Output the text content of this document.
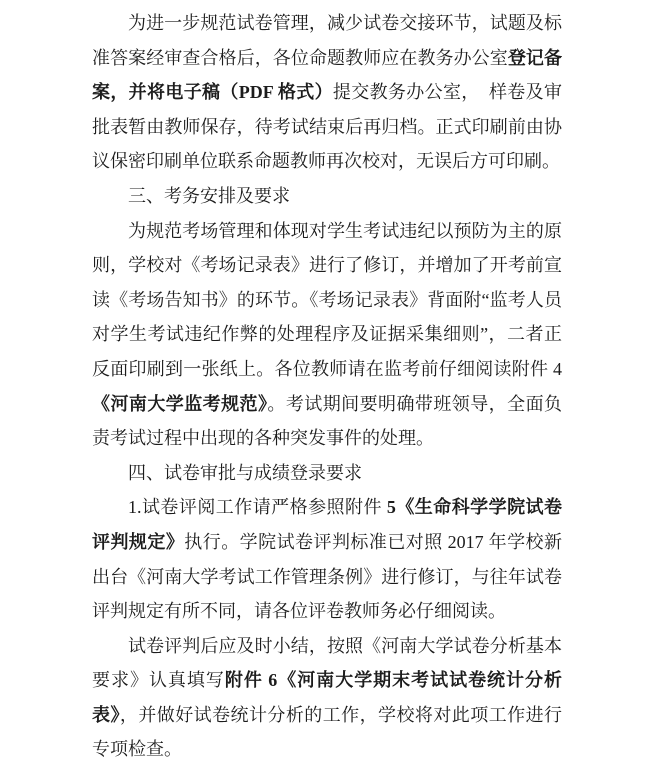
为进一步规范试卷管理，减少试卷交接环节，试题及标准答案经审查合格后，各位命题教师应在教务办公室登记备案，并将电子稿（PDF 格式）提交教务办公室，　样卷及审批表暂由教师保存，待考试结束后再归档。正式印刷前由协议保密印刷单位联系命题教师再次校对，无误后方可印刷。

三、考务安排及要求

为规范考场管理和体现对学生考试违纪以预防为主的原则，学校对《考场记录表》进行了修订，并增加了开考前宣读《考场告知书》的环节。《考场记录表》背面附“监考人员对学生考试违纪作弊的处理程序及证据采集细则”，二者正反面印刷到一张纸上。各位教师请在监考前仔细阅读附件 4《河南大学监考规范》。考试期间要明确带班领导，全面负责考试过程中出现的各种突发事件的处理。

四、试卷审批与成绩登录要求

1.试卷评阅工作请严格参照附件 5《生命科学学院试卷评判规定》执行。学院试卷评判标准已对照 2017 年学校新出台《河南大学考试工作管理条例》进行修订，与往年试卷评判规定有所不同，请各位评卷教师务必仔细阅读。

试卷评判后应及时小结，按照《河南大学试卷分析基本要求》认真填写附件 6《河南大学期末考试试卷统计分析表》，并做好试卷统计分析的工作，学校将对此项工作进行专项检查。
